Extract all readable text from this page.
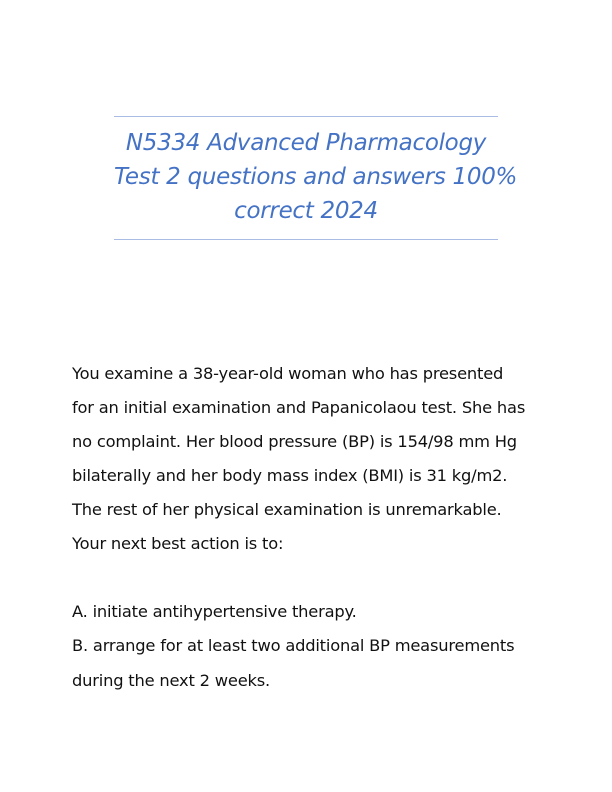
N5334 Advanced Pharmacology
Test 2 questions and answers 100%
correct 2024
You examine a 38-year-old woman who has presented
for an initial examination and Papanicolaou test. She has
no complaint. Her blood pressure (BP) is 154/98 mm Hg
bilaterally and her body mass index (BMI) is 31 kg/m2.
The rest of her physical examination is unremarkable.
Your next best action is to:
A. initiate antihypertensive therapy.
B. arrange for at least two additional BP measurements
during the next 2 weeks.
